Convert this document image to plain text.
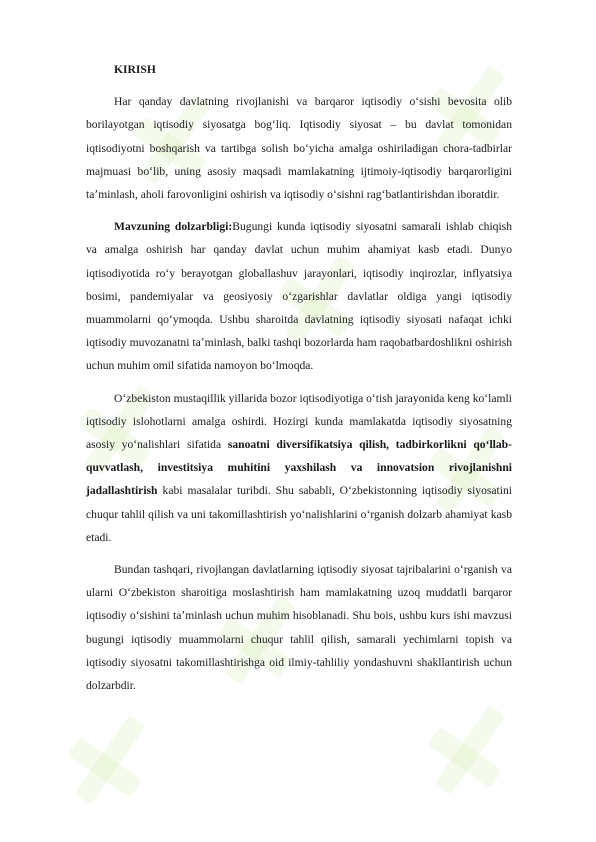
KIRISH

Har qanday davlatning rivojlanishi va barqaror iqtisodiy o‘sishi bevosita olib borilayotgan iqtisodiy siyosatga bog‘liq. Iqtisodiy siyosat – bu davlat tomonidan iqtisodiyotni boshqarish va tartibga solish bo‘yicha amalga oshiriladigan chora-tadbirlar majmuasi bo‘lib, uning asosiy maqsadi mamlakatning ijtimoiy-iqtisodiy barqarorligini taʼminlash, aholi farovonligini oshirish va iqtisodiy o‘sishni rag‘batlantirishdan iboratdir.

Mavzuning dolzarbligi:Bugungi kunda iqtisodiy siyosatni samarali ishlab chiqish va amalga oshirish har qanday davlat uchun muhim ahamiyat kasb etadi. Dunyo iqtisodiyotida ro‘y berayotgan globallashuv jarayonlari, iqtisodiy inqirozlar, inflyatsiya bosimi, pandemiyalar va geosiyosiy o‘zgarishlar davlatlar oldiga yangi iqtisodiy muammolarni qo‘ymoqda. Ushbu sharoitda davlatning iqtisodiy siyosati nafaqat ichki iqtisodiy muvozanatni taʼminlash, balki tashqi bozorlarda ham raqobatbardoshlikni oshirish uchun muhim omil sifatida namoyon bo‘lmoqda.

O‘zbekiston mustaqillik yillarida bozor iqtisodiyotiga o‘tish jarayonida keng ko‘lamli iqtisodiy islohotlarni amalga oshirdi. Hozirgi kunda mamlakatda iqtisodiy siyosatning asosiy yo‘nalishlari sifatida sanoatni diversifikatsiya qilish, tadbirkorlikni qo‘llab-quvvatlash, investitsiya muhitini yaxshilash va innovatsion rivojlanishni jadallashtirish kabi masalalar turibdi. Shu sababli, O‘zbekistonning iqtisodiy siyosatini chuqur tahlil qilish va uni takomillashtirish yo‘nalishlarini o‘rganish dolzarb ahamiyat kasb etadi.

Bundan tashqari, rivojlangan davlatlarning iqtisodiy siyosat tajribalarini o‘rganish va ularni O‘zbekiston sharoitiga moslashtirish ham mamlakatning uzoq muddatli barqaror iqtisodiy o‘sishini taʼminlash uchun muhim hisoblanadi. Shu bois, ushbu kurs ishi mavzusi bugungi iqtisodiy muammolarni chuqur tahlil qilish, samarali yechimlarni topish va iqtisodiy siyosatni takomillashtirishga oid ilmiy-tahliliy yondashuvni shakllantirish uchun dolzarbdir.
